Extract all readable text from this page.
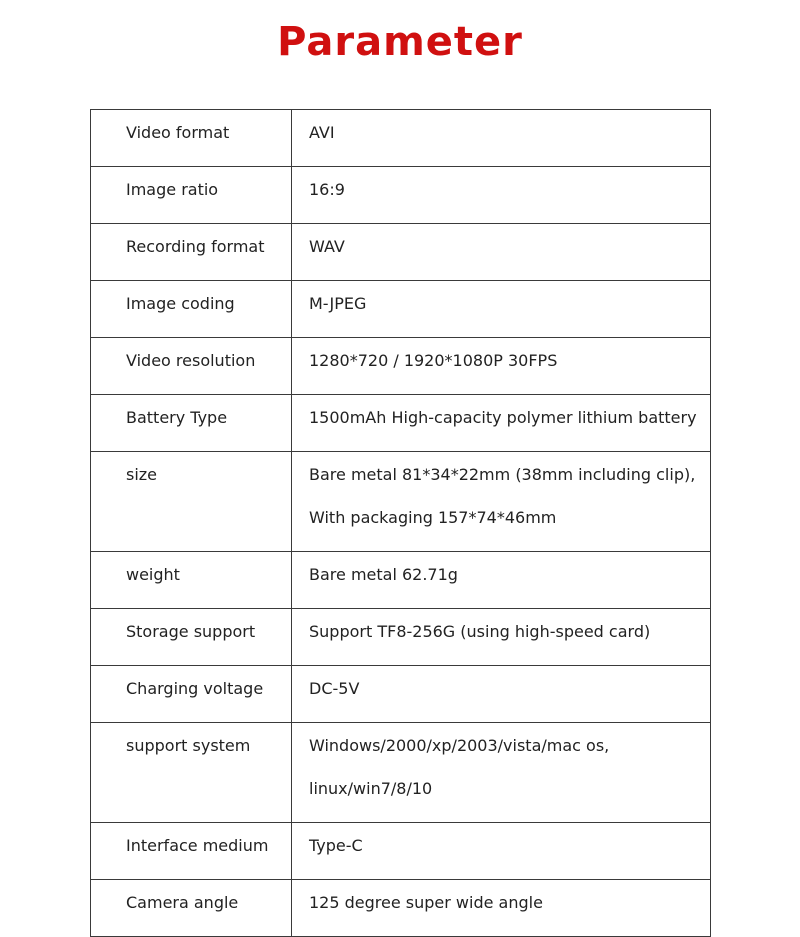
Parameter
Video format	AVI

Image ratio	16:9

Recording format	WAV

Image coding	M-JPEG

Video resolution	1280*720 / 1920*1080P 30FPS

Battery Type	1500mAh High-capacity polymer lithium battery

size	Bare metal 81*34*22mm (38mm including clip),
With packaging 157*74*46mm

weight	Bare metal 62.71g

Storage support	Support TF8-256G (using high-speed card)

Charging voltage	DC-5V

support system	Windows/2000/xp/2003/vista/mac os,
linux/win7/8/10

Interface medium	Type-C

Camera angle	125 degree super wide angle
